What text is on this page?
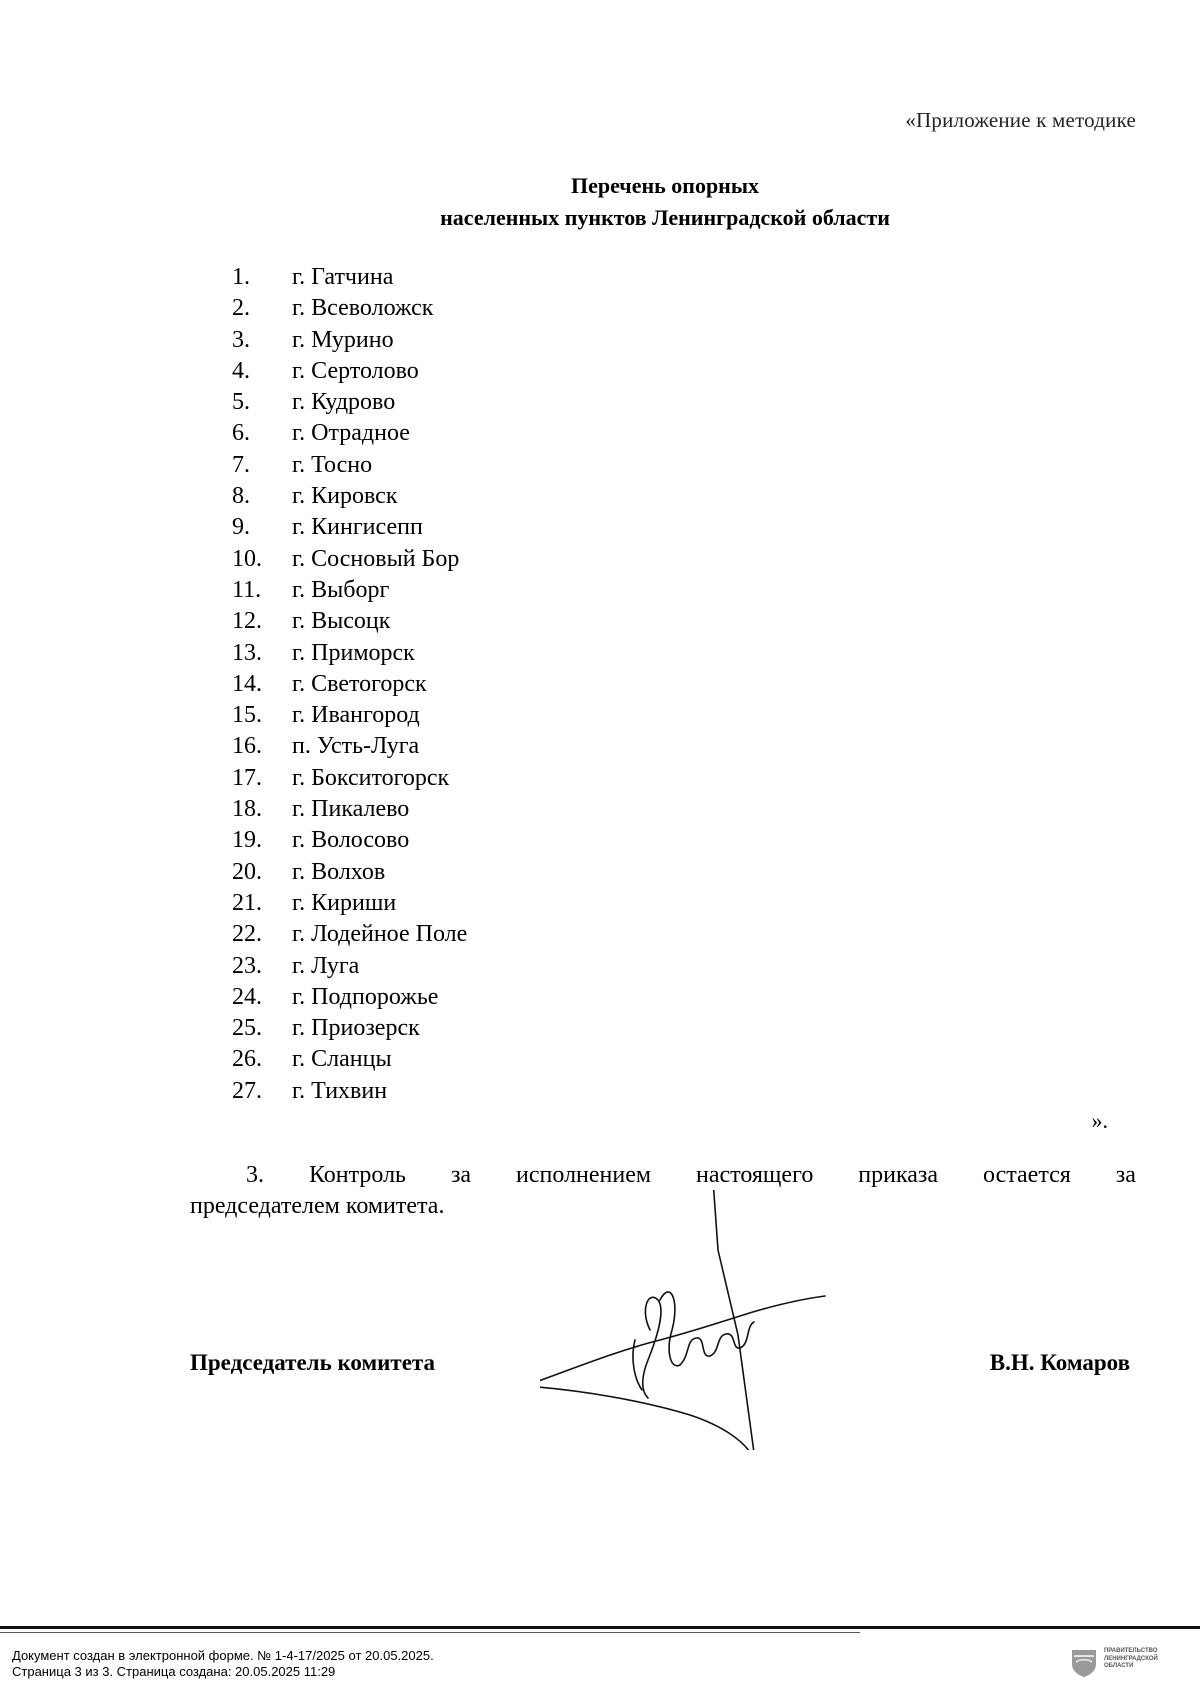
«Приложение к методике
Перечень опорных
населенных пунктов Ленинградской области
1.	г. Гатчина
2.	г. Всеволожск
3.	г. Мурино
4.	г. Сертолово
5.	г. Кудрово
6.	г. Отрадное
7.	г. Тосно
8.	г. Кировск
9.	г. Кингисепп
10.	г. Сосновый Бор
11.	г. Выборг
12.	г. Высоцк
13.	г. Приморск
14.	г. Светогорск
15.	г. Ивангород
16.	п. Усть-Луга
17.	г. Бокситогорск
18.	г. Пикалево
19.	г. Волосово
20.	г. Волхов
21.	г. Кириши
22.	г. Лодейное Поле
23.	г. Луга
24.	г. Подпорожье
25.	г. Приозерск
26.	г. Сланцы
27.	г. Тихвин
».
3. Контроль за исполнением настоящего приказа остается за
председателем комитета.
Председатель комитета	В.Н. Комаров
Документ создан в электронной форме. № 1-4-17/2025 от 20.05.2025.
Страница 3 из 3. Страница создана: 20.05.2025 11:29
ПРАВИТЕЛЬСТВО
ЛЕНИНГРАДСКОЙ
ОБЛАСТИ
